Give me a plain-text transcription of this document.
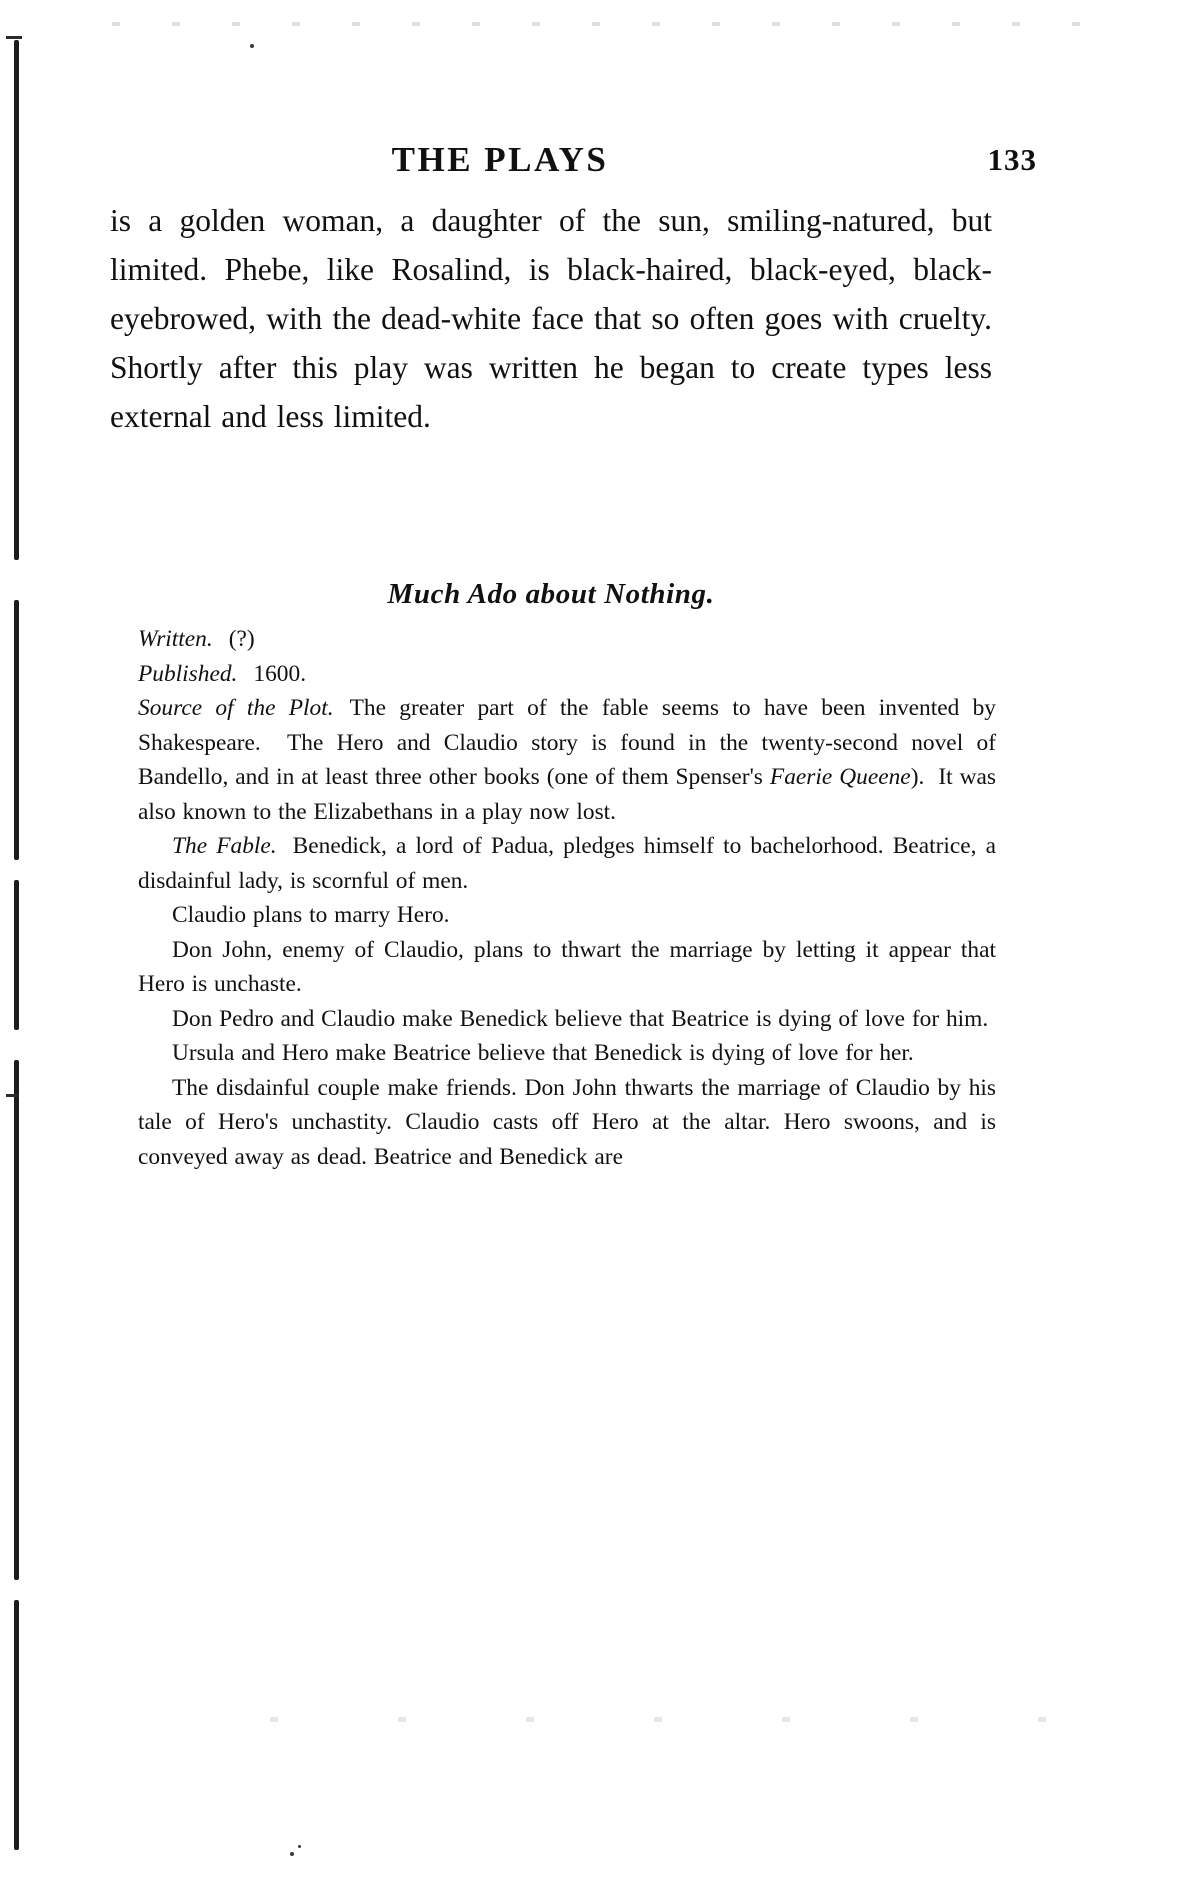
THE PLAYS	133

is a golden woman, a daughter of the sun, smiling-natured, but limited. Phebe, like Rosalind, is black-haired, black-eyed, black-eyebrowed, with the dead-white face that so often goes with cruelty. Shortly after this play was written he began to create types less external and less limited.

Much Ado about Nothing.
Written. (?)
Published. 1600.

Source of the Plot. The greater part of the fable seems to have been invented by Shakespeare.  The Hero and Claudio story is found in the twenty-second novel of Bandello, and in at least three other books (one of them Spenser's Faerie Queene).  It was also known to the Elizabethans in a play now lost.

The Fable. Benedick, a lord of Padua, pledges himself to bachelorhood. Beatrice, a disdainful lady, is scornful of men.

Claudio plans to marry Hero.

Don John, enemy of Claudio, plans to thwart the marriage by letting it appear that Hero is unchaste.

Don Pedro and Claudio make Benedick believe that Beatrice is dying of love for him.

Ursula and Hero make Beatrice believe that Benedick is dying of love for her.

The disdainful couple make friends. Don John thwarts the marriage of Claudio by his tale of Hero's unchastity. Claudio casts off Hero at the altar. Hero swoons, and is conveyed away as dead. Beatrice and Benedick are
